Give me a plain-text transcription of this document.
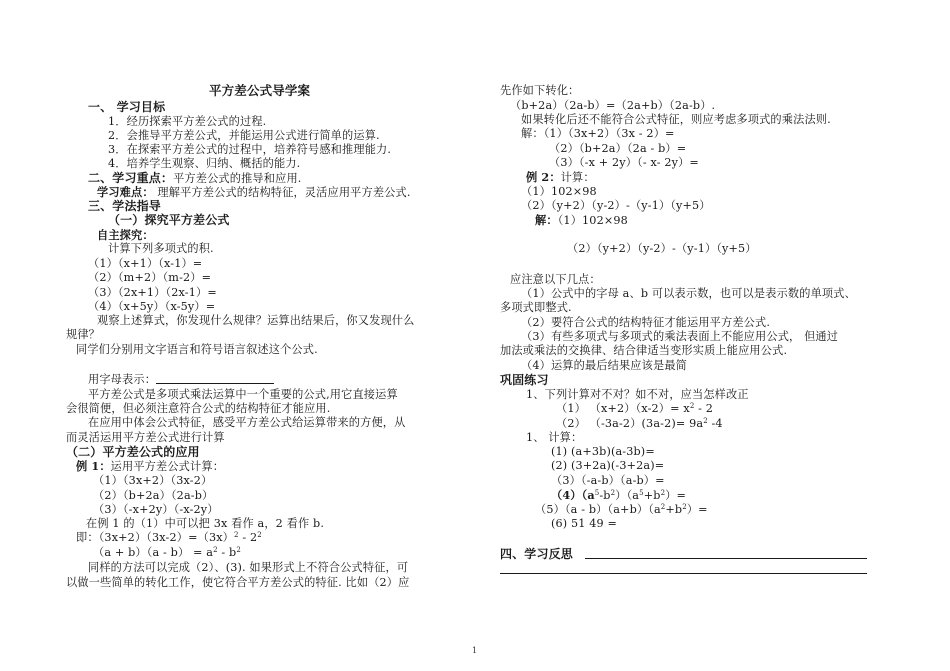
平方差公式导学案
一、 学习目标
1．经历探索平方差公式的过程.
2．会推导平方差公式，并能运用公式进行简单的运算.
3．在探索平方差公式的过程中，培养符号感和推理能力.
4．培养学生观察、归纳、概括的能力.
二、学习重点：平方差公式的推导和应用.
学习难点： 理解平方差公式的结构特征，灵活应用平方差公式.
三、学法指导
（一）探究平方差公式
自主探究：
计算下列多项式的积.
（1）（x+1）（x-1）=
（2）（m+2）（m-2）=
（3）（2x+1）（2x-1）=
（4）（x+5y）（x-5y）=
观察上述算式，你发现什么规律？运算出结果后，你又发现什么
规律？
同学们分别用文字语言和符号语言叙述这个公式.
用字母表示：
平方差公式是多项式乘法运算中一个重要的公式,用它直接运算
会很简便，但必须注意符合公式的结构特征才能应用.
在应用中体会公式特征，感受平方差公式给运算带来的方便，从
而灵活运用平方差公式进行计算
（二）平方差公式的应用
例 1：运用平方差公式计算：
（1）（3x+2）（3x-2）
（2）（b+2a）（2a-b）
（3）（-x+2y）（-x-2y）
在例 1 的（1）中可以把 3x 看作 a，2 看作 b.
即：$(3x+2)(3x-2)=(3x)^2 - 2^2$
$(a + b)(a - b) = a^2 - b^2$
同样的方法可以完成（2）、(3). 如果形式上不符合公式特征，可
以做一些简单的转化工作，使它符合平方差公式的特征. 比如（2）应
先作如下转化：
（b+2a）（2a-b）=（2a+b）（2a-b）.
如果转化后还不能符合公式特征，则应考虑多项式的乘法法则.
解：（1）（3x+2）（3x - 2）=
（2）（b+2a）（2a - b）=
（3）（-x + 2y）（- x- 2y）=
例 2：计算：
（1）102×98
（2）（y+2）（y-2）-（y-1）（y+5）
解：（1）102×98
（2）（y+2）（y-2）-（y-1）（y+5）
应注意以下几点：
（1）公式中的字母 a、b 可以表示数，也可以是表示数的单项式、
多项式即整式.
（2）要符合公式的结构特征才能运用平方差公式.
（3）有些多项式与多项式的乘法表面上不能应用公式， 但通过
加法或乘法的交换律、结合律适当变形实质上能应用公式.
（4）运算的最后结果应该是最简
巩固练习
1、下列计算对不对？如不对，应当怎样改正
（1） $(x+2)(x-2)= x^2 - 2$
（2） $(-3a-2)(3a-2)= 9a^2$ -4
1、 计算：
(1) (a+3b)(a-3b)=
(2) (3+2a)(-3+2a)=
（3）（-a-b）（a-b）=
$(4)(a^5-b^2)(a^5+b^2)=$
$(5)(a - b)(a+b)(a^2+b^2)=$
(6) 51 49 =
四、学习反思
1
